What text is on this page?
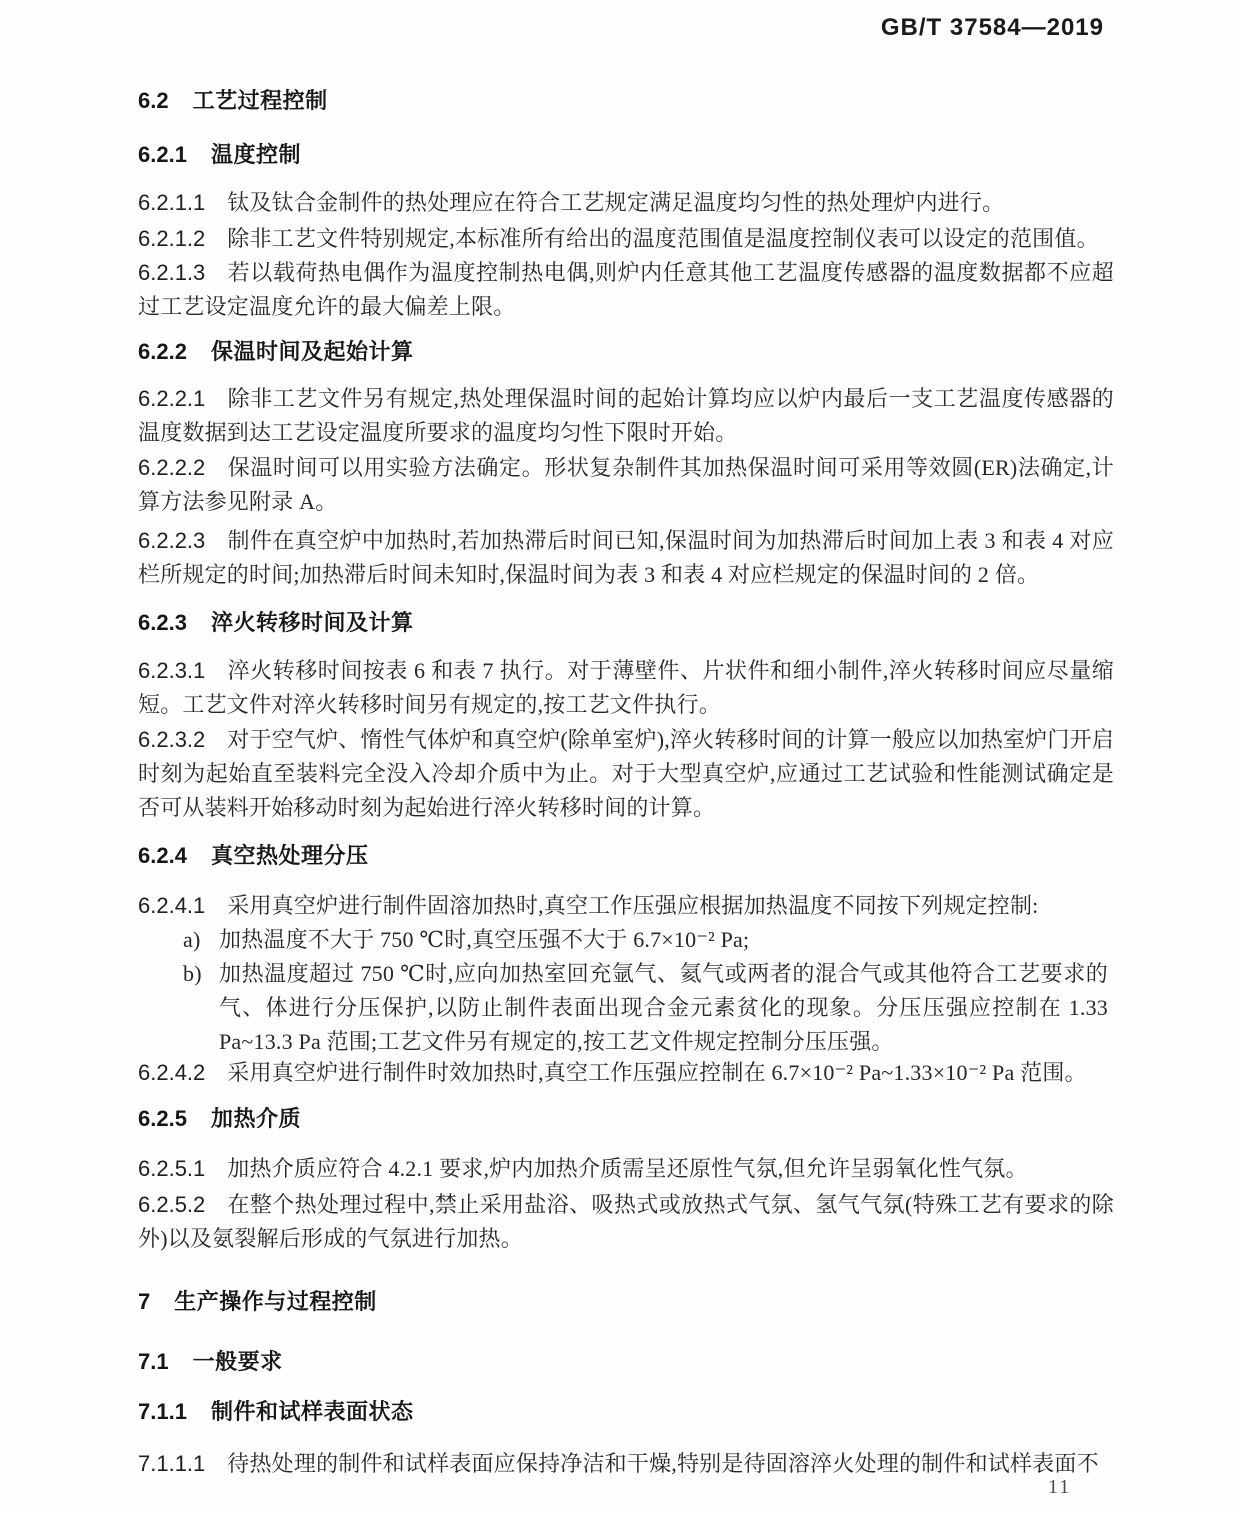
GB/T 37584—2019
6.2 工艺过程控制
6.2.1 温度控制

6.2.1.1 钛及钛合金制件的热处理应在符合工艺规定满足温度均匀性的热处理炉内进行。

6.2.1.2 除非工艺文件特别规定,本标准所有给出的温度范围值是温度控制仪表可以设定的范围值。

6.2.1.3 若以载荷热电偶作为温度控制热电偶,则炉内任意其他工艺温度传感器的温度数据都不应超过工艺设定温度允许的最大偏差上限。

6.2.2 保温时间及起始计算

6.2.2.1 除非工艺文件另有规定,热处理保温时间的起始计算均应以炉内最后一支工艺温度传感器的温度数据到达工艺设定温度所要求的温度均匀性下限时开始。

6.2.2.2 保温时间可以用实验方法确定。形状复杂制件其加热保温时间可采用等效圆(ER)法确定,计算方法参见附录 A。

6.2.2.3 制件在真空炉中加热时,若加热滞后时间已知,保温时间为加热滞后时间加上表 3 和表 4 对应栏所规定的时间;加热滞后时间未知时,保温时间为表 3 和表 4 对应栏规定的保温时间的 2 倍。

6.2.3 淬火转移时间及计算

6.2.3.1 淬火转移时间按表 6 和表 7 执行。对于薄壁件、片状件和细小制件,淬火转移时间应尽量缩短。工艺文件对淬火转移时间另有规定的,按工艺文件执行。

6.2.3.2 对于空气炉、惰性气体炉和真空炉(除单室炉),淬火转移时间的计算一般应以加热室炉门开启时刻为起始直至装料完全没入冷却介质中为止。对于大型真空炉,应通过工艺试验和性能测试确定是否可从装料开始移动时刻为起始进行淬火转移时间的计算。

6.2.4 真空热处理分压

6.2.4.1 采用真空炉进行制件固溶加热时,真空工作压强应根据加热温度不同按下列规定控制:

a) 加热温度不大于 750 ℃时,真空压强不大于 6.7×10⁻² Pa;
b) 加热温度超过 750 ℃时,应向加热室回充氩气、氦气或两者的混合气或其他符合工艺要求的气、体进行分压保护,以防止制件表面出现合金元素贫化的现象。分压压强应控制在 1.33 Pa~13.3 Pa 范围;工艺文件另有规定的,按工艺文件规定控制分压压强。

6.2.4.2 采用真空炉进行制件时效加热时,真空工作压强应控制在 6.7×10⁻² Pa~1.33×10⁻² Pa 范围。

6.2.5 加热介质

6.2.5.1 加热介质应符合 4.2.1 要求,炉内加热介质需呈还原性气氛,但允许呈弱氧化性气氛。

6.2.5.2 在整个热处理过程中,禁止采用盐浴、吸热式或放热式气氛、氢气气氛(特殊工艺有要求的除外)以及氨裂解后形成的气氛进行加热。

7 生产操作与过程控制
7.1 一般要求
7.1.1 制件和试样表面状态

7.1.1.1 待热处理的制件和试样表面应保持净洁和干燥,特别是待固溶淬火处理的制件和试样表面不

11
